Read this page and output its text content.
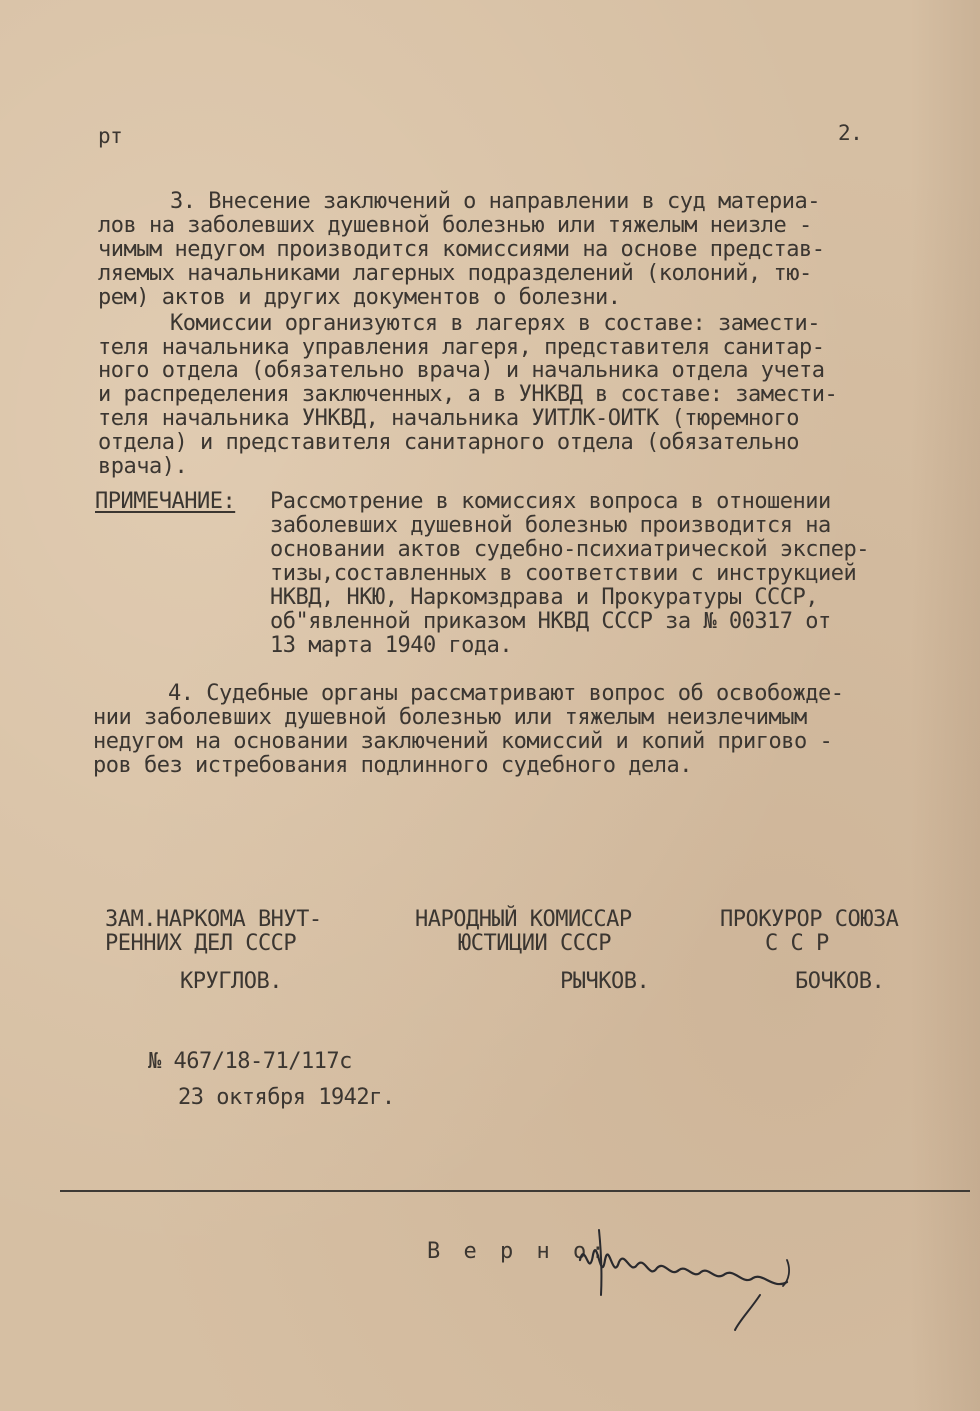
рт	2.
3. Внесение заключений о направлении в суд материа-
лов на заболевших душевной болезнью или тяжелым неизле -
чимым недугом производится комиссиями на основе представ-
ляемых начальниками лагерных подразделений (колоний, тю-
рем) актов и других документов о болезни.
Комиссии организуются в лагерях в составе: замести-
теля начальника управления лагеря, представителя санитар-
ного отдела (обязательно врача) и начальника отдела учета
и распределения заключенных, а в УНКВД в составе: замести-
теля начальника УНКВД, начальника УИТЛК-ОИТК (тюремного
отдела) и представителя санитарного отдела (обязательно
врача).
ПРИМЕЧАНИЕ: Рассмотрение в комиссиях вопроса в отношении
заболевших душевной болезнью производится на
основании актов судебно-психиатрической экспер-
тизы,составленных в соответствии с инструкцией
НКВД, НКЮ, Наркомздрава и Прокуратуры СССР,
об"явленной приказом НКВД СССР за № 00317 от
13 марта 1940 года.
4. Судебные органы рассматривают вопрос об освобожде-
нии заболевших душевной болезнью или тяжелым неизлечимым
недугом на основании заключений комиссий и копий пригово -
ров без истребования подлинного судебного дела.
ЗАМ.НАРКОМА ВНУТ-
РЕННИХ ДЕЛ СССР
КРУГЛОВ.
НАРОДНЫЙ КОМИССАР
ЮСТИЦИИ СССР
РЫЧКОВ.
ПРОКУРОР СОЮЗА
С С Р
БОЧКОВ.
№ 467/18-71/117с
23 октября 1942г.
В е р н о:
